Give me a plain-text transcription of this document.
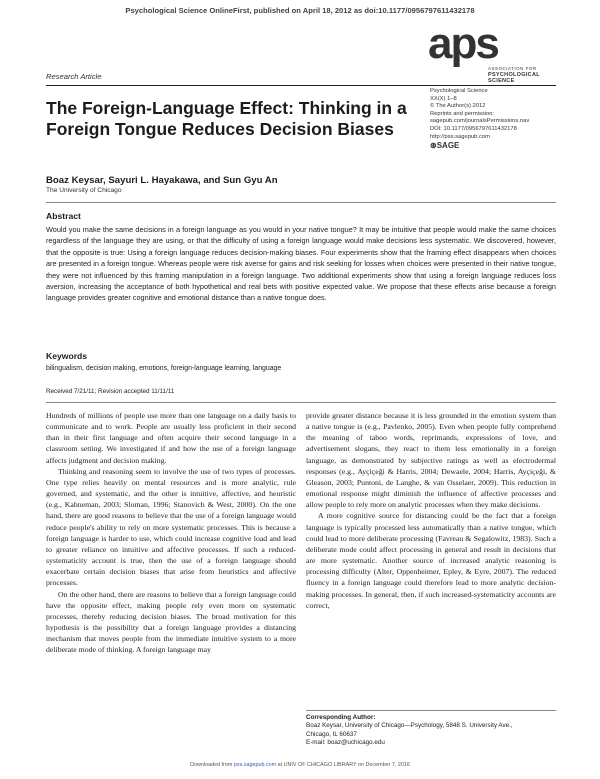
Psychological Science OnlineFirst, published on April 18, 2012 as doi:10.1177/0956797611432178
aps
ASSOCIATION FOR
PSYCHOLOGICAL SCIENCE
Research Article
The Foreign-Language Effect: Thinking in a Foreign Tongue Reduces Decision Biases
Psychological Science
XX(X) 1–8
© The Author(s) 2012
Reprints and permission:
sagepub.com/journalsPermissions.nav
DOI: 10.1177/0956797611432178
http://pss.sagepub.com
⊛SAGE
Boaz Keysar, Sayuri L. Hayakawa, and Sun Gyu An
The University of Chicago
Abstract
Would you make the same decisions in a foreign language as you would in your native tongue? It may be intuitive that people would make the same choices regardless of the language they are using, or that the difficulty of using a foreign language would make decisions less systematic. We discovered, however, that the opposite is true: Using a foreign language reduces decision-making biases. Four experiments show that the framing effect disappears when choices are presented in a foreign tongue. Whereas people were risk averse for gains and risk seeking for losses when choices were presented in their native tongue, they were not influenced by this framing manipulation in a foreign language. Two additional experiments show that using a foreign language reduces loss aversion, increasing the acceptance of both hypothetical and real bets with positive expected value. We propose that these effects arise because a foreign language provides greater cognitive and emotional distance than a native tongue does.
Keywords
bilingualism, decision making, emotions, foreign-language learning, language
Received 7/21/11; Revision accepted 11/11/11

Hundreds of millions of people use more than one language on a daily basis to communicate and to work. People are usually less proficient in their second than in their first language and often acquire their second language in a classroom setting. We investigated if and how the use of a foreign language affects judgment and decision making.

Thinking and reasoning seem to involve the use of two types of processes. One type relies heavily on mental resources and is more analytic, rule governed, and systematic, and the other is intuitive, affective, and heuristic (e.g., Kahneman, 2003; Sloman, 1996; Stanovich & West, 2000). On the one hand, there are good reasons to believe that the use of a foreign language would reduce people's ability to rely on more systematic processes. This is because a foreign language is harder to use, which could increase cognitive load and lead to greater reliance on intuitive and affective processes. If such a reduced-systematicity account is true, then the use of a foreign language should exacerbate certain decision biases that arise from heuristics and affective processes.

On the other hand, there are reasons to believe that a foreign language could have the opposite effect, making people rely even more on systematic processes, thereby reducing decision biases. The broad motivation for this hypothesis is the possibility that a foreign language provides a distancing mechanism that moves people from the immediate intuitive system to a more deliberate mode of thinking. A foreign language may

provide greater distance because it is less grounded in the emotion system than a native tongue is (e.g., Pavlenko, 2005). Even when people fully comprehend the meaning of taboo words, reprimands, expressions of love, and advertisement slogans, they react to them less emotionally in a foreign language, as demonstrated by subjective ratings as well as electrodermal responses (e.g., Ayçiçeği & Harris, 2004; Dewaele, 2004; Harris, Ayçiçeği, & Gleason, 2003; Puntoni, de Langhe, & van Osselaer, 2009). This reduction in emotional response might diminish the influence of affective processes and allow people to rely more on analytic processes when they make decisions.

A more cognitive source for distancing could be the fact that a foreign language is typically processed less automatically than a native tongue, which could lead to more deliberate processing (Favreau & Segalowitz, 1983). Such a deliberate mode could affect processing in general and result in decisions that are more systematic. Another source of increased analytic reasoning is processing difficulty (Alter, Oppenheimer, Epley, & Eyre, 2007). The reduced fluency in a foreign language could therefore lead to more analytic decision-making processes. In general, then, if such increased-systematicity accounts are correct,

Corresponding Author:
Boaz Keysar, University of Chicago—Psychology, 5848 S. University Ave.,
Chicago, IL 60637
E-mail: boaz@uchicago.edu
Downloaded from pss.sagepub.com at UNIV OF CHICAGO LIBRARY on December 7, 2016
